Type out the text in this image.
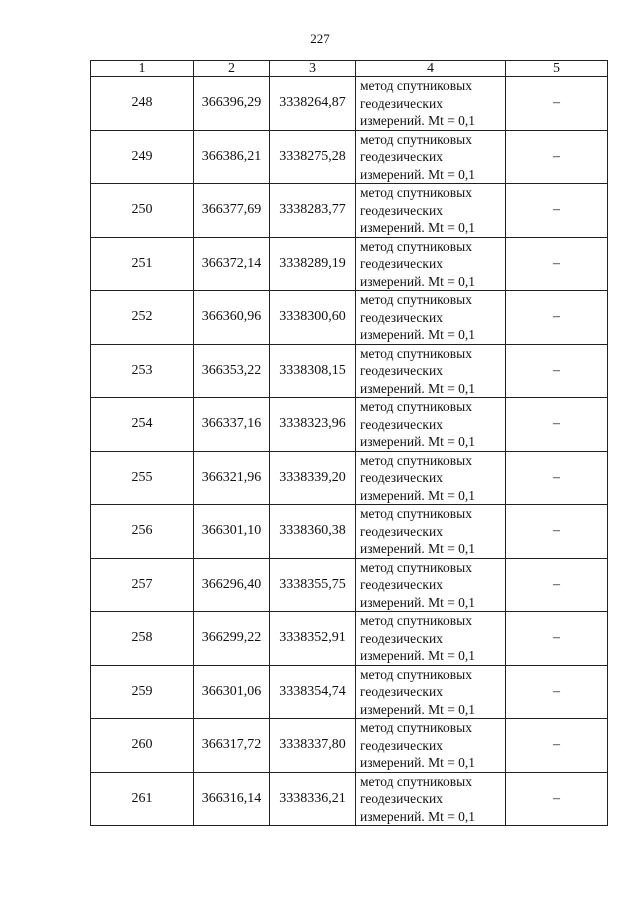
227
1	2	3	4	5
248	366396,29	3338264,87	метод спутниковых
геодезических
измерений. Mt = 0,1	–
249	366386,21	3338275,28	метод спутниковых
геодезических
измерений. Mt = 0,1	–
250	366377,69	3338283,77	метод спутниковых
геодезических
измерений. Mt = 0,1	–
251	366372,14	3338289,19	метод спутниковых
геодезических
измерений. Mt = 0,1	–
252	366360,96	3338300,60	метод спутниковых
геодезических
измерений. Mt = 0,1	–
253	366353,22	3338308,15	метод спутниковых
геодезических
измерений. Mt = 0,1	–
254	366337,16	3338323,96	метод спутниковых
геодезических
измерений. Mt = 0,1	–
255	366321,96	3338339,20	метод спутниковых
геодезических
измерений. Mt = 0,1	–
256	366301,10	3338360,38	метод спутниковых
геодезических
измерений. Mt = 0,1	–
257	366296,40	3338355,75	метод спутниковых
геодезических
измерений. Mt = 0,1	–
258	366299,22	3338352,91	метод спутниковых
геодезических
измерений. Mt = 0,1	–
259	366301,06	3338354,74	метод спутниковых
геодезических
измерений. Mt = 0,1	–
260	366317,72	3338337,80	метод спутниковых
геодезических
измерений. Mt = 0,1	–
261	366316,14	3338336,21	метод спутниковых
геодезических
измерений. Mt = 0,1	–
